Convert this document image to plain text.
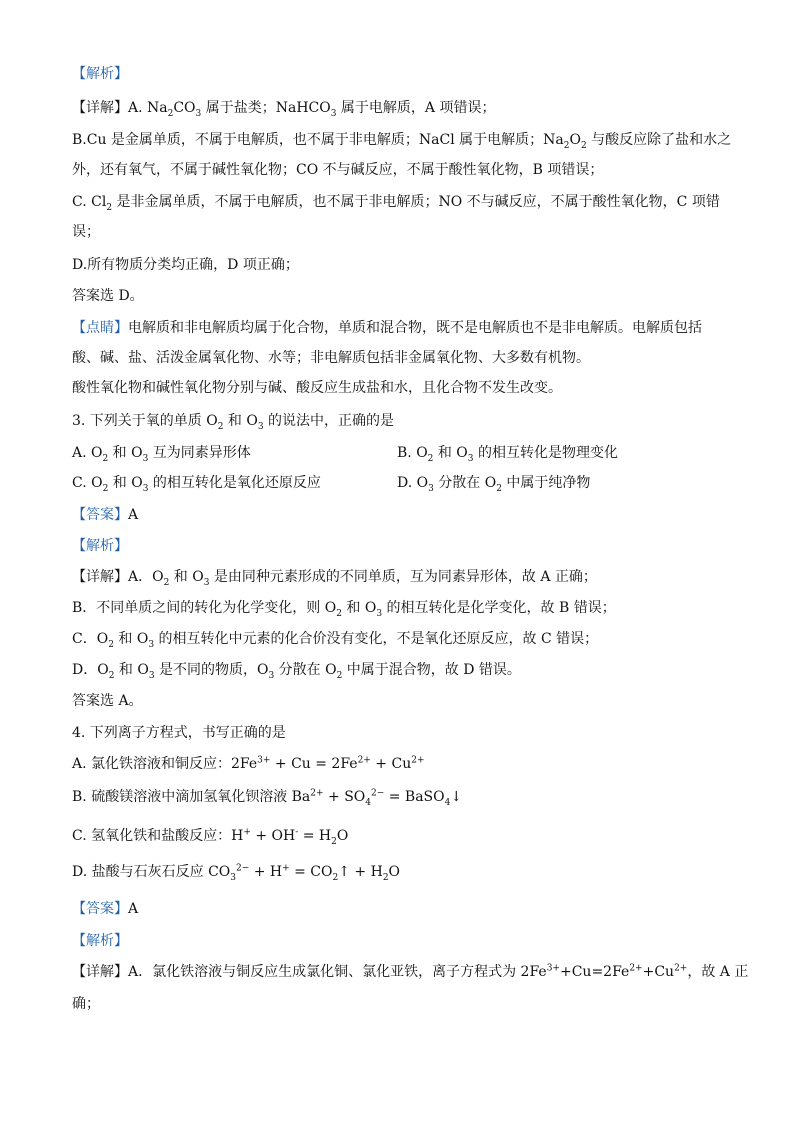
【解析】
【详解】A. $Na_2CO_3$ 属于盐类；NaHCO$_3$ 属于电解质，A 项错误；
B.Cu 是金属单质，不属于电解质，也不属于非电解质；NaCl 属于电解质；$Na_2O_2$ 与酸反应除了盐和水之
外，还有氧气，不属于碱性氧化物；CO 不与碱反应，不属于酸性氧化物，B 项错误；
C. $Cl_2$ 是非金属单质，不属于电解质，也不属于非电解质；NO 不与碱反应，不属于酸性氧化物，C 项错
误；
D.所有物质分类均正确，D 项正确；
答案选 D。
【点睛】电解质和非电解质均属于化合物，单质和混合物，既不是电解质也不是非电解质。电解质包括
酸、碱、盐、活泼金属氧化物、水等；非电解质包括非金属氧化物、大多数有机物。
酸性氧化物和碱性氧化物分别与碱、酸反应生成盐和水，且化合物不发生改变。
3. 下列关于氧的单质 $O_2$ 和 $O_3$ 的说法中，正确的是
A. $O_2$ 和 $O_3$ 互为同素异形体	B. $O_2$ 和 $O_3$ 的相互转化是物理变化
C. $O_2$ 和 $O_3$ 的相互转化是氧化还原反应	D. $O_3$ 分散在 $O_2$ 中属于纯净物
【答案】A
【解析】
【详解】A．$O_2$ 和 $O_3$ 是由同种元素形成的不同单质，互为同素异形体，故 A 正确；
B．不同单质之间的转化为化学变化，则 $O_2$ 和 $O_3$ 的相互转化是化学变化，故 B 错误；
C．$O_2$ 和 $O_3$ 的相互转化中元素的化合价没有变化，不是氧化还原反应，故 C 错误；
D．$O_2$ 和 $O_3$ 是不同的物质，$O_3$ 分散在 $O_2$ 中属于混合物，故 D 错误。
答案选 A。
4. 下列离子方程式，书写正确的是
A. 氯化铁溶液和铜反应：$2Fe^{3+} + Cu = 2Fe^{2+} + Cu^{2+}$
B. 硫酸镁溶液中滴加氢氧化钡溶液 $Ba^{2+} + SO_4^{2-}$ = BaSO$_4$↓
C. 氢氧化铁和盐酸反应：$H^+ + OH^- = H_2O$
D. 盐酸与石灰石反应 $CO_3^{2-} + H^+$ = $CO_2↑ + H_2O$
【答案】A
【解析】
【详解】A．氯化铁溶液与铜反应生成氯化铜、氯化亚铁，离子方程式为 $2Fe^{3+}+Cu=2Fe^{2+}+Cu^{2+}$，故 A 正
确；
